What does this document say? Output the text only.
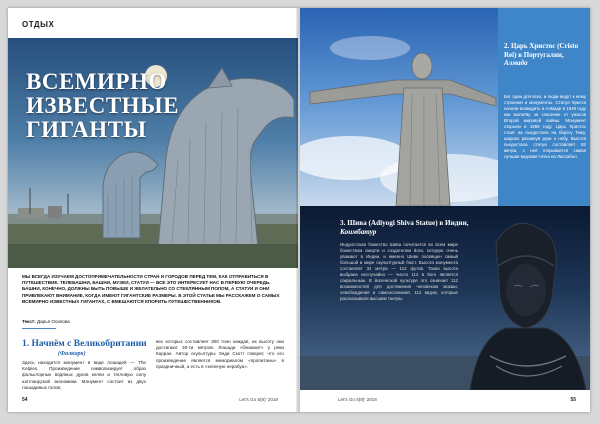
ОТДЫХ
ВСЕМИРНО
ИЗВЕСТНЫЕ
ГИГАНТЫ
МЫ ВСЕГДА ИЗУЧАЕМ ДОСТОПРИМЕЧАТЕЛЬНОСТИ СТРАН И ГОРОДОВ ПЕРЕД ТЕМ, КАК ОТПРАВИТЬСЯ В ПУТЕШЕСТВИЕ. ТЕЛЕБАШНИ, БАШНИ, МУЗЕИ, СТАТУИ — ВСЕ ЭТО ИНТЕРЕСУЕТ НАС В ПЕРВУЮ ОЧЕРЕДЬ. БАШНИ, КОНЕЧНО, ДОЛЖНЫ БЫТЬ ПОВЫШЕ И ЖЕЛАТЕЛЬНО СО СТЕКЛЯННЫМ ПОЛОМ, А СТАТУИ И ОНИ ПРИВЛЕКАЮТ ВНИМАНИЕ, КОГДА ИМЕЮТ ГИГАНТСКИЕ РАЗМЕРЫ. В ЭТОЙ СТАТЬЕ МЫ РАССКАЖЕМ О САМЫХ ВСЕМИРНО ИЗВЕСТНЫХ ГИГАНТАХ, С ВМЕШАЮТСЯ КПОРИТЬ ПУТЕШЕСТВЕННИКОВ.
Текст: Дарья Осипова
1. Начнём с Великобритании
(Фалкирк)
Здесь находится монумент в виде лошадей — The Kelpies. Произведение символизирует образ фольклорных водяных духов келпи и тягловую силу шотландской экономики. Монумент состоит из двух лошадиных голов,
вес которых составляет 300 тонн каждая, их высоту они достигают 30-ти метров. Лошади «ближают» у реки Карран. Автор скульптуры Энди Скотт говорит, что его произведение является мемориалом «пропитаны» в праздничный, а есть в «зеленую нерабуа».
54	Let's Go 5(8)' 2018
2. Царь Христос (Cristo Rei) в Португалии, Алмада
Бог один для всех, и люди ведут к нему строения и монументы. Статуя Христа начали возводить в Алмаде в 1949 году как молитву за спасение от ужасов Второй мировой войны. Монумент открыли в 1959 году. Царь Христос стоит на пьедестале на берегу Тежу, широко раскинув руки к небу. Высота пьедестала статуи составляет 82 метра, с неё открывается самая лучшая видовая точка на Лиссабон.
3. Шива (Adiyogi Shiva Statue) в Индии, Коимбатур
Индуистская божество Шива почитается во всем мире божеством смерти и создателем йоги, которую очень уважают в Индии, и именно Шиве посвящен самый большой в мире скульптурный бюст. Высота монумента составляет 34 метра — 112 футов. Такая высота выбрана неслучайно — число 112 в йоге является сакральным. В йогической культуре это означает 112 возможностей для достижения человеком мокши, освобождения и самоосознания. 112 видов, которые рассказывали высшим тантры.
Let's Go 5(8)' 2018	55
